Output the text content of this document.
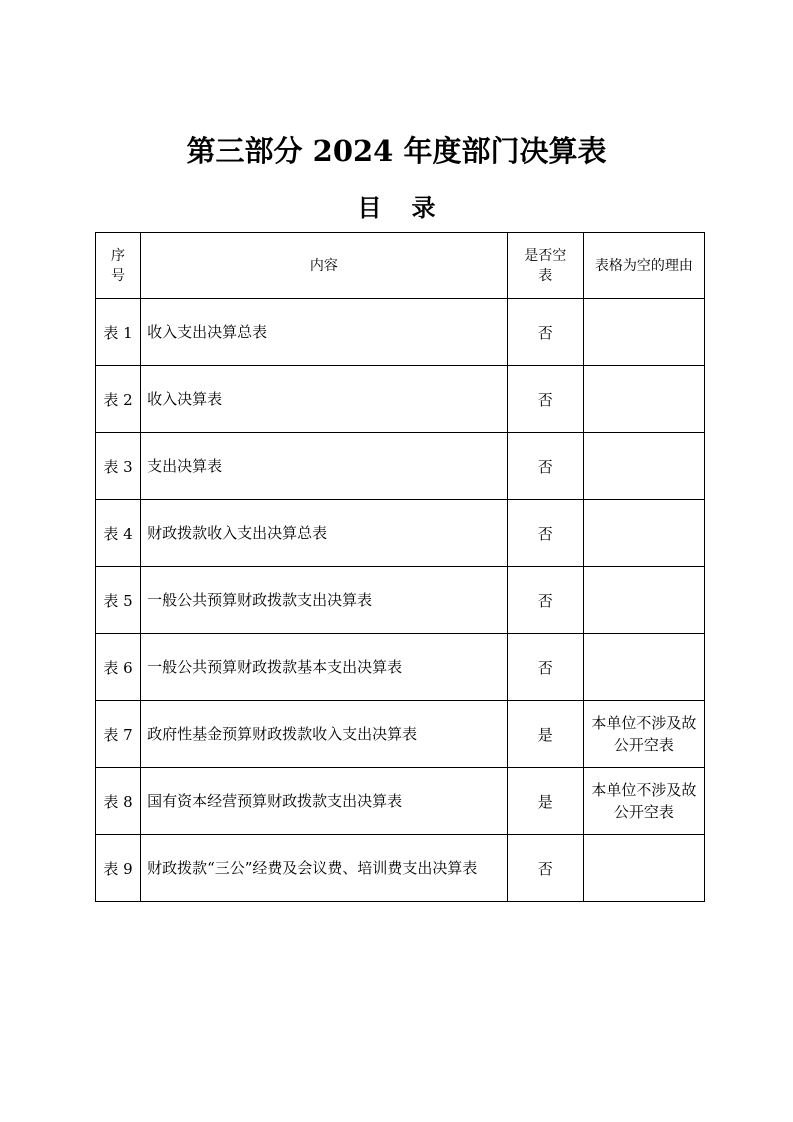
第三部分 2024 年度部门决算表
目录
序号	内容	是否空表	表格为空的理由

表 1	收入支出决算总表	否	
表 2	收入决算表	否	
表 3	支出决算表	否	
表 4	财政拨款收入支出决算总表	否	
表 5	一般公共预算财政拨款支出决算表	否	
表 6	一般公共预算财政拨款基本支出决算表	否	
表 7	政府性基金预算财政拨款收入支出决算表	是	本单位不涉及故公开空表
表 8	国有资本经营预算财政拨款支出决算表	是	本单位不涉及故公开空表
表 9	财政拨款“三公”经费及会议费、培训费支出决算表	否	
